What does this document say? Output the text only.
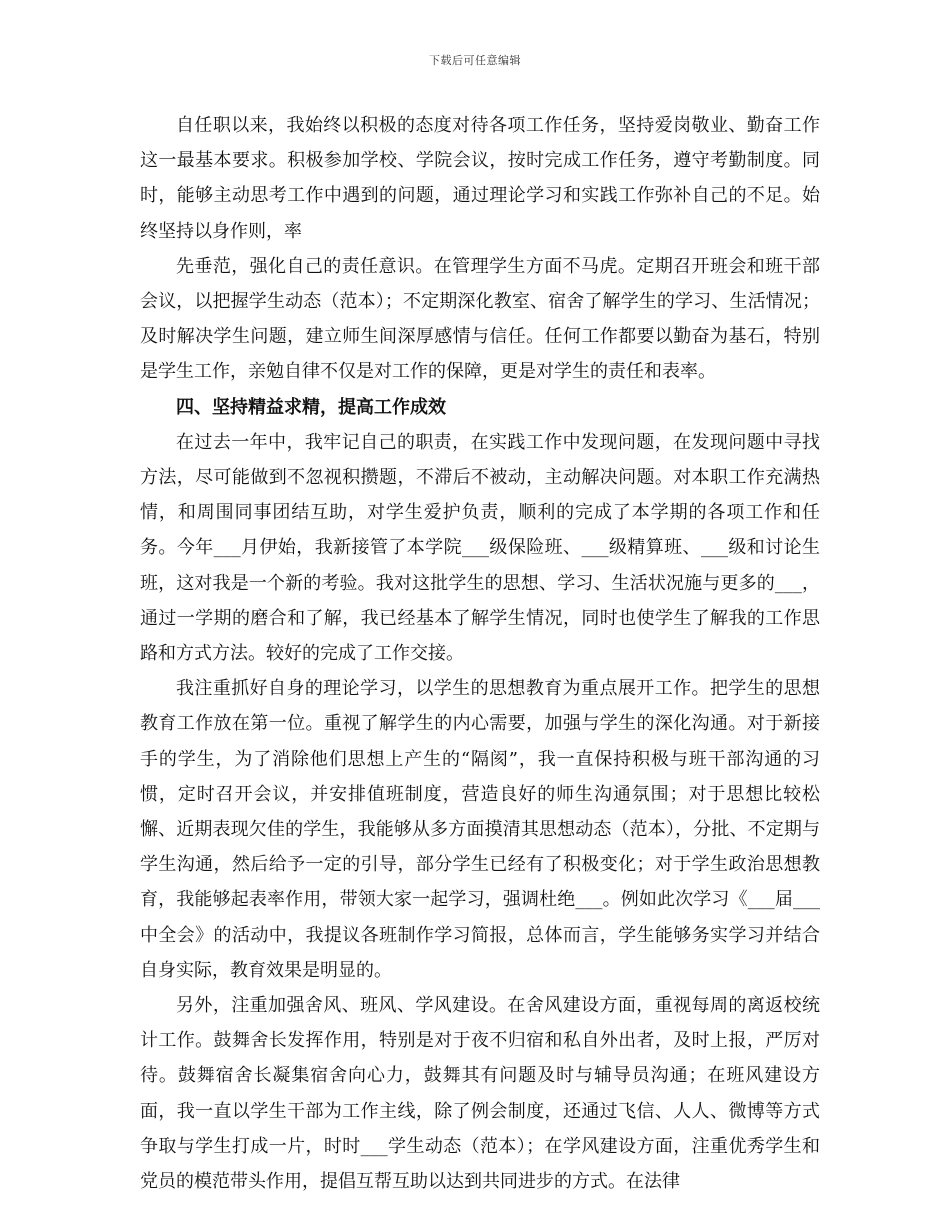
下载后可任意编辑

自任职以来，我始终以积极的态度对待各项工作任务，坚持爱岗敬业、勤奋工作这一最基本要求。积极参加学校、学院会议，按时完成工作任务，遵守考勤制度。同时，能够主动思考工作中遇到的问题，通过理论学习和实践工作弥补自己的不足。始终坚持以身作则，率

先垂范，强化自己的责任意识。在管理学生方面不马虎。定期召开班会和班干部会议，以把握学生动态（范本）；不定期深化教室、宿舍了解学生的学习、生活情况；及时解决学生问题，建立师生间深厚感情与信任。任何工作都要以勤奋为基石，特别是学生工作，亲勉自律不仅是对工作的保障，更是对学生的责任和表率。

四、坚持精益求精，提高工作成效

在过去一年中，我牢记自己的职责，在实践工作中发现问题，在发现问题中寻找方法，尽可能做到不忽视积攒题，不滞后不被动，主动解决问题。对本职工作充满热情，和周围同事团结互助，对学生爱护负责，顺利的完成了本学期的各项工作和任务。今年___月伊始，我新接管了本学院___级保险班、___级精算班、___级和讨论生班，这对我是一个新的考验。我对这批学生的思想、学习、生活状况施与更多的___，通过一学期的磨合和了解，我已经基本了解学生情况，同时也使学生了解我的工作思路和方式方法。较好的完成了工作交接。

我注重抓好自身的理论学习，以学生的思想教育为重点展开工作。把学生的思想教育工作放在第一位。重视了解学生的内心需要，加强与学生的深化沟通。对于新接手的学生，为了消除他们思想上产生的“隔阂”，我一直保持积极与班干部沟通的习惯，定时召开会议，并安排值班制度，营造良好的师生沟通氛围；对于思想比较松懈、近期表现欠佳的学生，我能够从多方面摸清其思想动态（范本），分批、不定期与学生沟通，然后给予一定的引导，部分学生已经有了积极变化；对于学生政治思想教育，我能够起表率作用，带领大家一起学习，强调杜绝___。例如此次学习《___届___中全会》的活动中，我提议各班制作学习简报，总体而言，学生能够务实学习并结合自身实际，教育效果是明显的。

另外，注重加强舍风、班风、学风建设。在舍风建设方面，重视每周的离返校统计工作。鼓舞舍长发挥作用，特别是对于夜不归宿和私自外出者，及时上报，严厉对待。鼓舞宿舍长凝集宿舍向心力，鼓舞其有问题及时与辅导员沟通；在班风建设方面，我一直以学生干部为工作主线，除了例会制度，还通过飞信、人人、微博等方式争取与学生打成一片，时时___学生动态（范本）；在学风建设方面，注重优秀学生和党员的模范带头作用，提倡互帮互助以达到共同进步的方式。在法律
